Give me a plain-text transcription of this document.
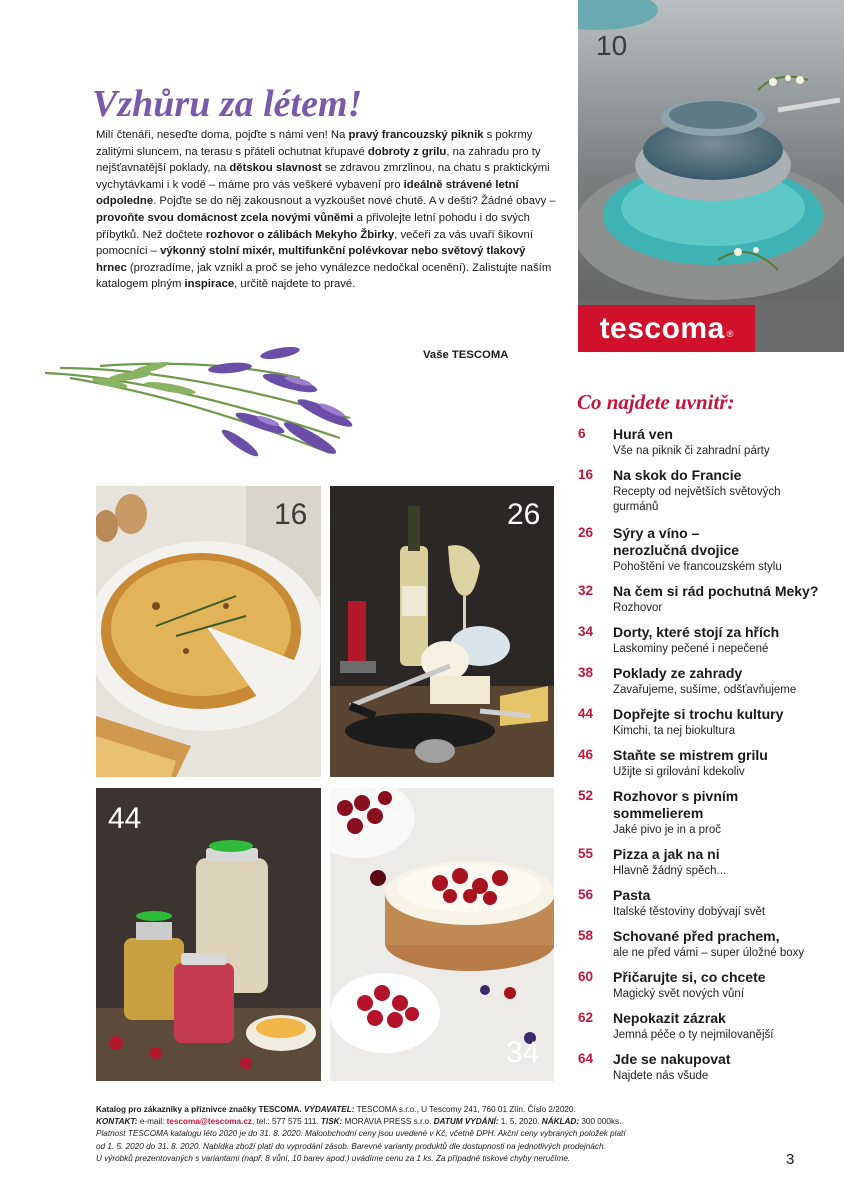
10
tescoma ®
Vzhůru za létem!
Milí čtenáři, neseďte doma, pojďte s námi ven! Na pravý francouzský piknik s pokrmy zalitými sluncem, na terasu s přáteli ochutnat křupavé dobroty z grilu, na zahradu pro ty nejšťavnatější poklady, na dětskou slavnost se zdravou zmrzlinou, na chatu s praktickými vychytávkami i k vodě – máme pro vás veškeré vybavení pro ideálně strávené letní odpoledne. Pojďte se do něj zakousnout a vyzkoušet nové chutě. A v dešti? Žádné obavy – provoňte svou domácnost zcela novými vůněmi a přivolejte letní pohodu i do svých příbytků. Než dočtete rozhovor o zálibách Mekyho Žbirky, večeři za vás uvaří šikovní pomocníci – výkonný stolní mixér, multifunkční polévkovar nebo světový tlakový hrnec (prozradíme, jak vznikl a proč se jeho vynálezce nedočkal ocenění). Zalistujte naším katalogem plným inspirace, určitě najdete to pravé.
Vaše TESCOMA
16	26
44
34
Co najdete uvnitř:
6	Hurá ven
Vše na piknik či zahradní párty
16	Na skok do Francie
Recepty od největších světových gurmánů
26	Sýry a víno – nerozlučná dvojice
Pohoštění ve francouzském stylu
32	Na čem si rád pochutná Meky?
Rozhovor
34	Dorty, které stojí za hřích
Laskominy pečené i nepečené
38	Poklady ze zahrady
Zavařujeme, sušíme, odšťavňujeme
44	Dopřejte si trochu kultury
Kimchi, ta nej biokultura
46	Staňte se mistrem grilu
Užijte si grilování kdekoliv
52	Rozhovor s pivním sommelierem
Jaké pivo je in a proč
55	Pizza a jak na ni
Hlavně žádný spěch...
56	Pasta
Italské těstoviny dobývají svět
58	Schované před prachem,
ale ne před vámi – super úložné boxy
60	Přičarujte si, co chcete
Magický svět nových vůní
62	Nepokazit zázrak
Jemná péče o ty nejmilovanější
64	Jde se nakupovat
Najdete nás všude
Katalog pro zákazníky a příznivce značky TESCOMA. VYDAVATEL: TESCOMA s.r.o., U Tescomy 241, 760 01 Zlín. Číslo 2/2020.
KONTAKT: e-mail: tescoma@tescoma.cz, tel.: 577 575 111. TISK: MORAVIA PRESS s.r.o. DATUM VYDÁNÍ: 1. 5. 2020. NÁKLAD: 300 000ks.
Platnost TESCOMA katalogu léto 2020 je do 31. 8. 2020. Maloobchodní ceny jsou uvedené v Kč, včetně DPH. Akční ceny vybraných položek platí
od 1. 5. 2020 do 31. 8. 2020. Nabídka zboží platí do vyprodání zásob. Barevné varianty produktů dle dostupnosti na jednotlivých prodejnách.
U výrobků prezentovaných s variantami (např. 8 vůní, 10 barev apod.) uvádíme cenu za 1 ks. Za případné tiskové chyby neručíme.	3
